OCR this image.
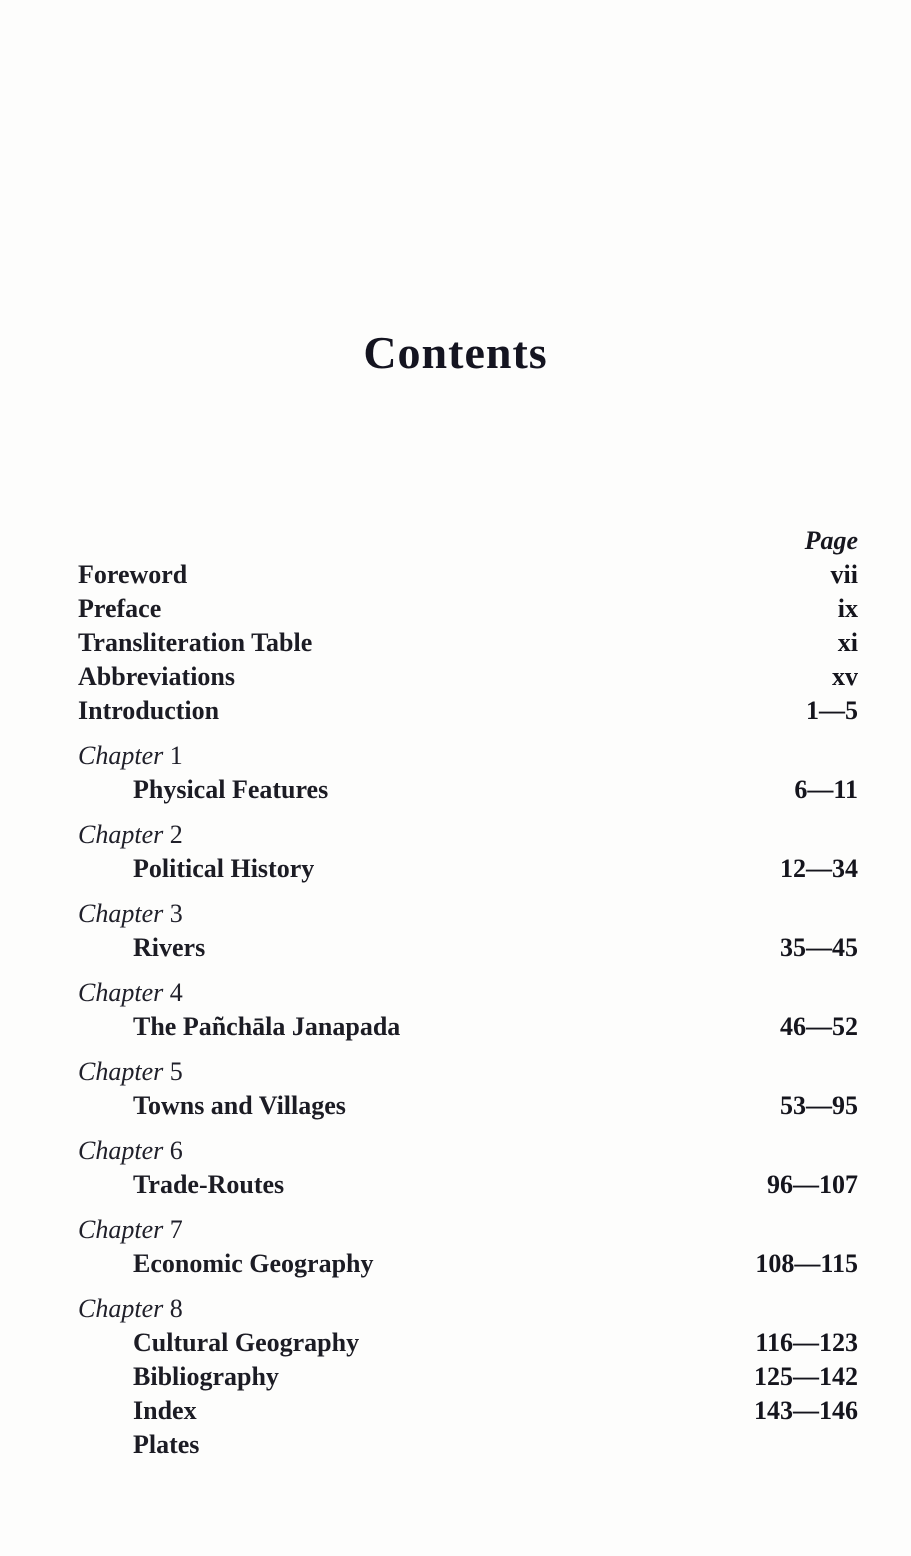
Contents
Page
Foreword	vii
Preface	ix
Transliteration Table	xi
Abbreviations	xv
Introduction	1—5
Chapter 1
Physical Features	6—11
Chapter 2
Political History	12—34
Chapter 3
Rivers	35—45
Chapter 4
The Pañchāla Janapada	46—52
Chapter 5
Towns and Villages	53—95
Chapter 6
Trade-Routes	96—107
Chapter 7
Economic Geography	108—115
Chapter 8
Cultural Geography	116—123
Bibliography	125—142
Index	143—146
Plates
